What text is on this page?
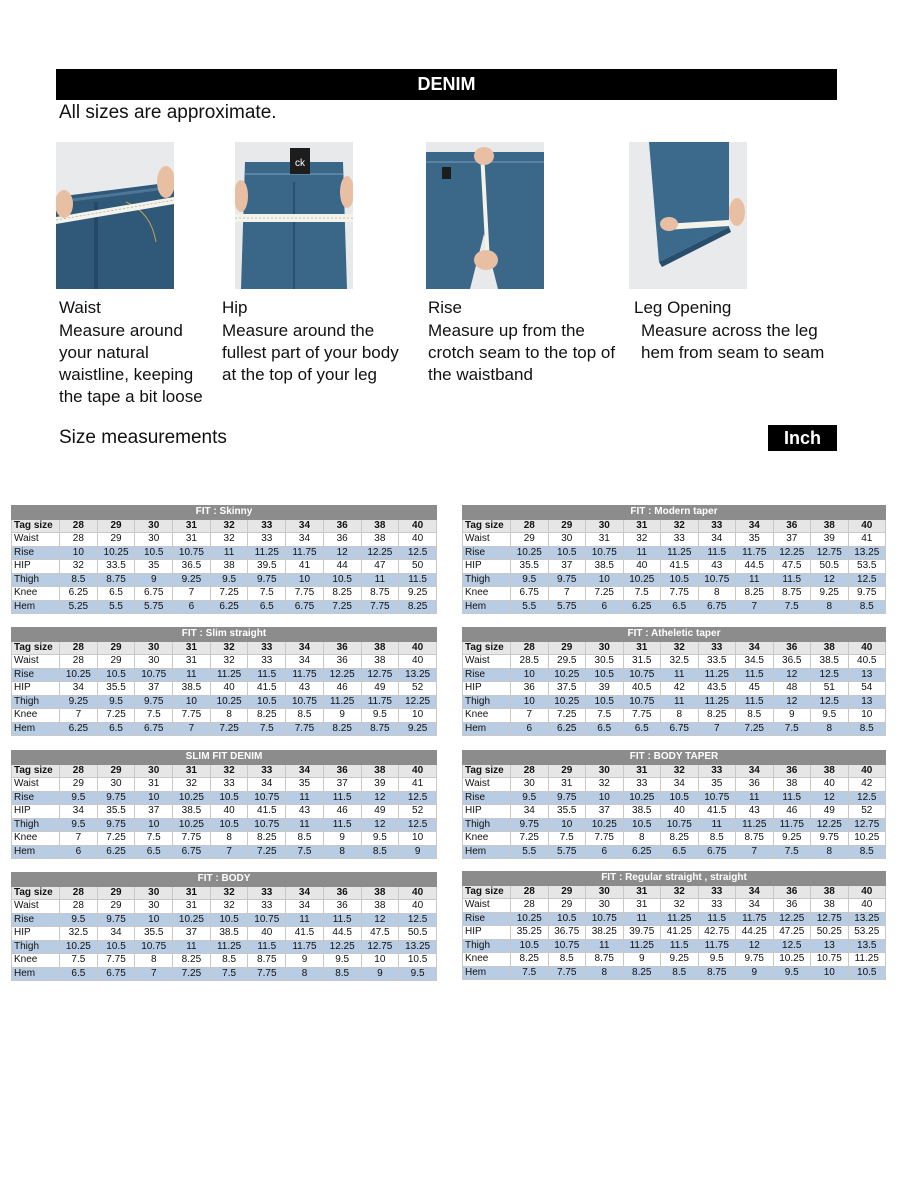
DENIM
All sizes are approximate.
ck
Waist	Hip	Rise	Leg Opening
Measure around
your natural
waistline, keeping
the tape a bit loose
Measure around the
fullest part of your body
at the top of your leg
Measure up from the
crotch seam to the top of
the waistband
Measure across the leg
hem from seam to seam
Size measurements	Inch
FIT : Skinny										
Tag size	28	29	30	31	32	33	34	36	38	40
Waist	28	29	30	31	32	33	34	36	38	40
Rise	10	10.25	10.5	10.75	11	11.25	11.75	12	12.25	12.5
HIP	32	33.5	35	36.5	38	39.5	41	44	47	50
Thigh	8.5	8.75	9	9.25	9.5	9.75	10	10.5	11	11.5
Knee	6.25	6.5	6.75	7	7.25	7.5	7.75	8.25	8.75	9.25
Hem	5.25	5.5	5.75	6	6.25	6.5	6.75	7.25	7.75	8.25
FIT : Modern taper										
Tag size	28	29	30	31	32	33	34	36	38	40
Waist	29	30	31	32	33	34	35	37	39	41
Rise	10.25	10.5	10.75	11	11.25	11.5	11.75	12.25	12.75	13.25
HIP	35.5	37	38.5	40	41.5	43	44.5	47.5	50.5	53.5
Thigh	9.5	9.75	10	10.25	10.5	10.75	11	11.5	12	12.5
Knee	6.75	7	7.25	7.5	7.75	8	8.25	8.75	9.25	9.75
Hem	5.5	5.75	6	6.25	6.5	6.75	7	7.5	8	8.5
FIT : Slim straight										
Tag size	28	29	30	31	32	33	34	36	38	40
Waist	28	29	30	31	32	33	34	36	38	40
Rise	10.25	10.5	10.75	11	11.25	11.5	11.75	12.25	12.75	13.25
HIP	34	35.5	37	38.5	40	41.5	43	46	49	52
Thigh	9.25	9.5	9.75	10	10.25	10.5	10.75	11.25	11.75	12.25
Knee	7	7.25	7.5	7.75	8	8.25	8.5	9	9.5	10
Hem	6.25	6.5	6.75	7	7.25	7.5	7.75	8.25	8.75	9.25
FIT : Atheletic taper										
Tag size	28	29	30	31	32	33	34	36	38	40
Waist	28.5	29.5	30.5	31.5	32.5	33.5	34.5	36.5	38.5	40.5
Rise	10	10.25	10.5	10.75	11	11.25	11.5	12	12.5	13
HIP	36	37.5	39	40.5	42	43.5	45	48	51	54
Thigh	10	10.25	10.5	10.75	11	11.25	11.5	12	12.5	13
Knee	7	7.25	7.5	7.75	8	8.25	8.5	9	9.5	10
Hem	6	6.25	6.5	6.5	6.75	7	7.25	7.5	8	8.5
SLIM FIT DENIM										
Tag size	28	29	30	31	32	33	34	36	38	40
Waist	29	30	31	32	33	34	35	37	39	41
Rise	9.5	9.75	10	10.25	10.5	10.75	11	11.5	12	12.5
HIP	34	35.5	37	38.5	40	41.5	43	46	49	52
Thigh	9.5	9.75	10	10.25	10.5	10.75	11	11.5	12	12.5
Knee	7	7.25	7.5	7.75	8	8.25	8.5	9	9.5	10
Hem	6	6.25	6.5	6.75	7	7.25	7.5	8	8.5	9
FIT : BODY TAPER										
Tag size	28	29	30	31	32	33	34	36	38	40
Waist	30	31	32	33	34	35	36	38	40	42
Rise	9.5	9.75	10	10.25	10.5	10.75	11	11.5	12	12.5
HIP	34	35.5	37	38.5	40	41.5	43	46	49	52
Thigh	9.75	10	10.25	10.5	10.75	11	11.25	11.75	12.25	12.75
Knee	7.25	7.5	7.75	8	8.25	8.5	8.75	9.25	9.75	10.25
Hem	5.5	5.75	6	6.25	6.5	6.75	7	7.5	8	8.5
FIT : BODY										
Tag size	28	29	30	31	32	33	34	36	38	40
Waist	28	29	30	31	32	33	34	36	38	40
Rise	9.5	9.75	10	10.25	10.5	10.75	11	11.5	12	12.5
HIP	32.5	34	35.5	37	38.5	40	41.5	44.5	47.5	50.5
Thigh	10.25	10.5	10.75	11	11.25	11.5	11.75	12.25	12.75	13.25
Knee	7.5	7.75	8	8.25	8.5	8.75	9	9.5	10	10.5
Hem	6.5	6.75	7	7.25	7.5	7.75	8	8.5	9	9.5
FIT : Regular straight , straight										
Tag size	28	29	30	31	32	33	34	36	38	40
Waist	28	29	30	31	32	33	34	36	38	40
Rise	10.25	10.5	10.75	11	11.25	11.5	11.75	12.25	12.75	13.25
HIP	35.25	36.75	38.25	39.75	41.25	42.75	44.25	47.25	50.25	53.25
Thigh	10.5	10.75	11	11.25	11.5	11.75	12	12.5	13	13.5
Knee	8.25	8.5	8.75	9	9.25	9.5	9.75	10.25	10.75	11.25
Hem	7.5	7.75	8	8.25	8.5	8.75	9	9.5	10	10.5
